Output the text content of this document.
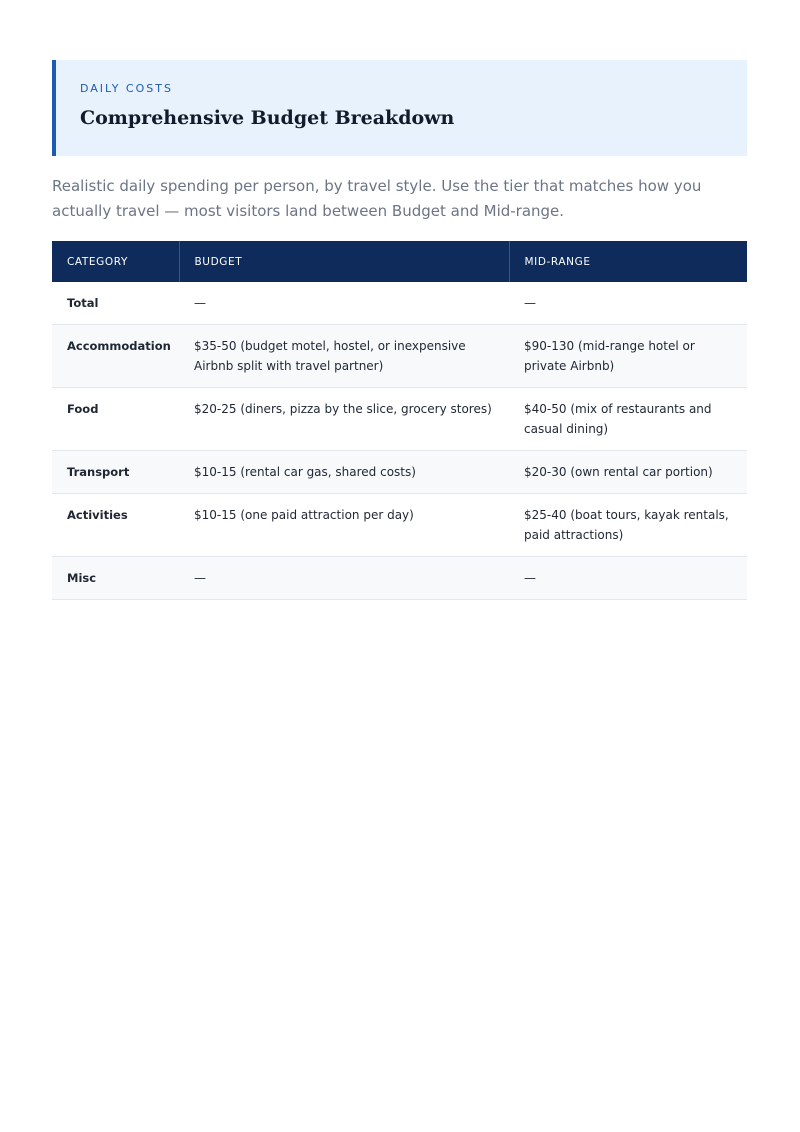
DAILY COSTS
Comprehensive Budget Breakdown

Realistic daily spending per person, by travel style. Use the tier that matches how you actually travel — most visitors land between Budget and Mid-range.

CATEGORY	BUDGET	MID-RANGE
Total	—	—
Accommodation	$35-50 (budget motel, hostel, or inexpensive Airbnb split with travel partner)	$90-130 (mid-range hotel or private Airbnb)
Food	$20-25 (diners, pizza by the slice, grocery stores)	$40-50 (mix of restaurants and casual dining)
Transport	$10-15 (rental car gas, shared costs)	$20-30 (own rental car portion)
Activities	$10-15 (one paid attraction per day)	$25-40 (boat tours, kayak rentals, paid attractions)
Misc	—	—
